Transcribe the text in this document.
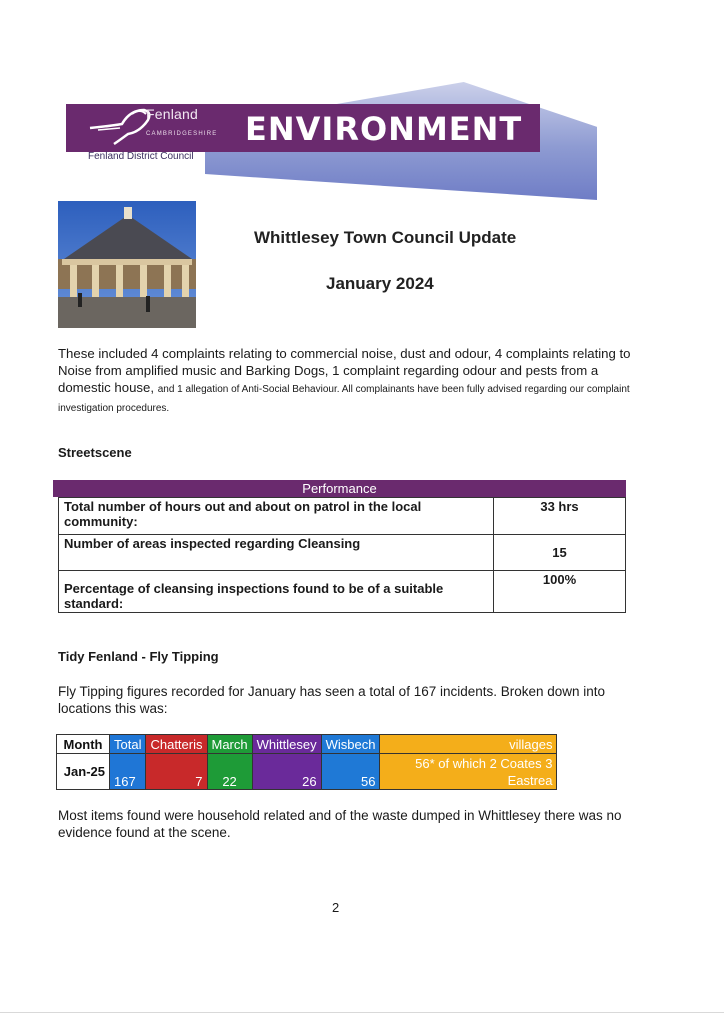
Fenland
CAMBRIDGESHIRE
Fenland District Council
ENVIRONMENT
Whittlesey Town Council Update
January 2024
These included 4 complaints relating to commercial noise, dust and odour, 4 complaints relating to Noise from amplified music and Barking Dogs, 1 complaint regarding odour and pests from a domestic house, and 1 allegation of Anti-Social Behaviour. All complainants have been fully advised regarding our complaint investigation procedures.
Streetscene
Performance
Total number of hours out and about on patrol in the local community:	33 hrs
Number of areas inspected regarding Cleansing	15
Percentage of cleansing inspections found to be of a suitable standard:	100%
Tidy Fenland - Fly Tipping
Fly Tipping figures recorded for January has seen a total of 167 incidents. Broken down into locations this was:
Month	Total	Chatteris	March	Whittlesey	Wisbech	villages
Jan-25	167	7	22	26	56	56* of which 2 Coates 3 Eastrea
Most items found were household related and of the waste dumped in Whittlesey there was no evidence found at the scene.
2
